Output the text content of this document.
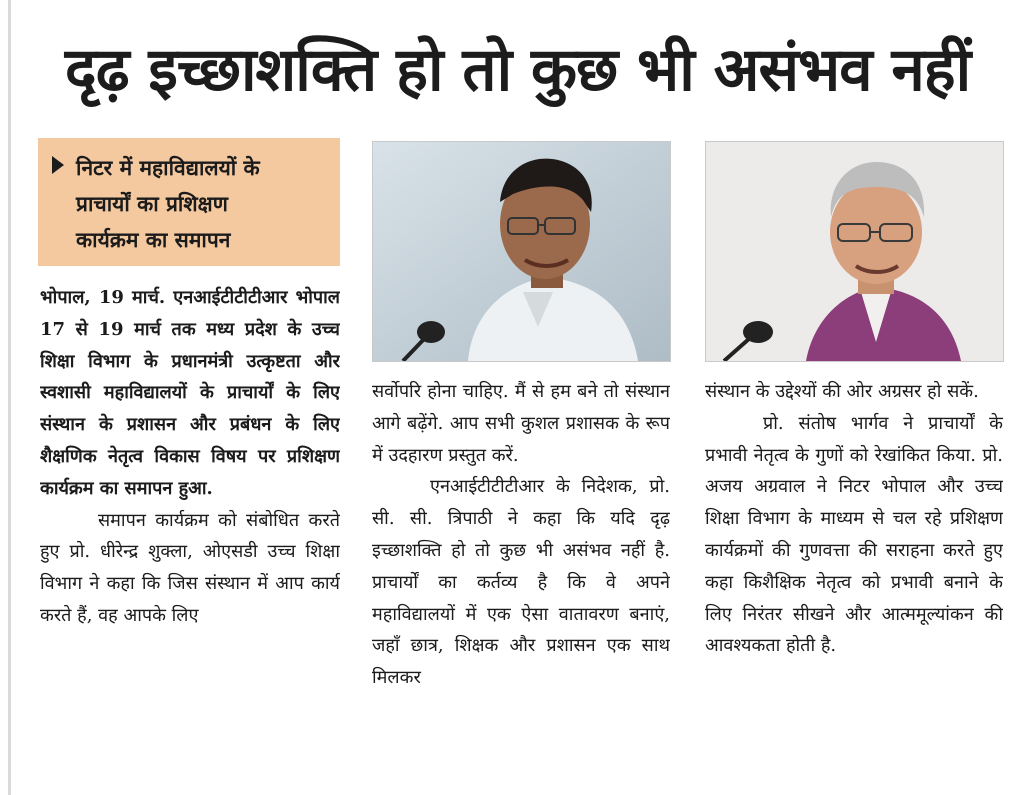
दृढ़ इच्छाशक्ति हो तो कुछ भी असंभव नहीं
निटर में महाविद्यालयों के
प्राचार्यों का प्रशिक्षण
कार्यक्रम का समापन

भोपाल, 19 मार्च. एनआईटीटीटीआर भोपाल 17 से 19 मार्च तक मध्य प्रदेश के उच्च शिक्षा विभाग के प्रधानमंत्री उत्कृष्टता और स्वशासी महाविद्यालयों के प्राचार्यों के लिए संस्थान के प्रशासन और प्रबंधन के लिए शैक्षणिक नेतृत्व विकास विषय पर प्रशिक्षण कार्यक्रम का समापन हुआ.

समापन कार्यक्रम को संबोधित करते हुए प्रो. धीरेन्द्र शुक्ला, ओएसडी उच्च शिक्षा विभाग ने कहा कि जिस संस्थान में आप कार्य करते हैं, वह आपके लिए

सर्वोपरि होना चाहिए. मैं से हम बने तो संस्थान आगे बढ़ेंगे. आप सभी कुशल प्रशासक के रूप में उदहारण प्रस्तुत करें.

एनआईटीटीटीआर के निदेशक, प्रो. सी. सी. त्रिपाठी ने कहा कि यदि दृढ़ इच्छाशक्ति हो तो कुछ भी असंभव नहीं है. प्राचार्यों का कर्तव्य है कि वे अपने महाविद्यालयों में एक ऐसा वातावरण बनाएं, जहाँ छात्र, शिक्षक और प्रशासन एक साथ मिलकर

संस्थान के उद्देश्यों की ओर अग्रसर हो सकें.

प्रो. संतोष भार्गव ने प्राचार्यों के प्रभावी नेतृत्व के गुणों को रेखांकित किया. प्रो. अजय अग्रवाल ने निटर भोपाल और उच्च शिक्षा विभाग के माध्यम से चल रहे प्रशिक्षण कार्यक्रमों की गुणवत्ता की सराहना करते हुए कहा किशैक्षिक नेतृत्व को प्रभावी बनाने के लिए निरंतर सीखने और आत्ममूल्यांकन की आवश्यकता होती है.
